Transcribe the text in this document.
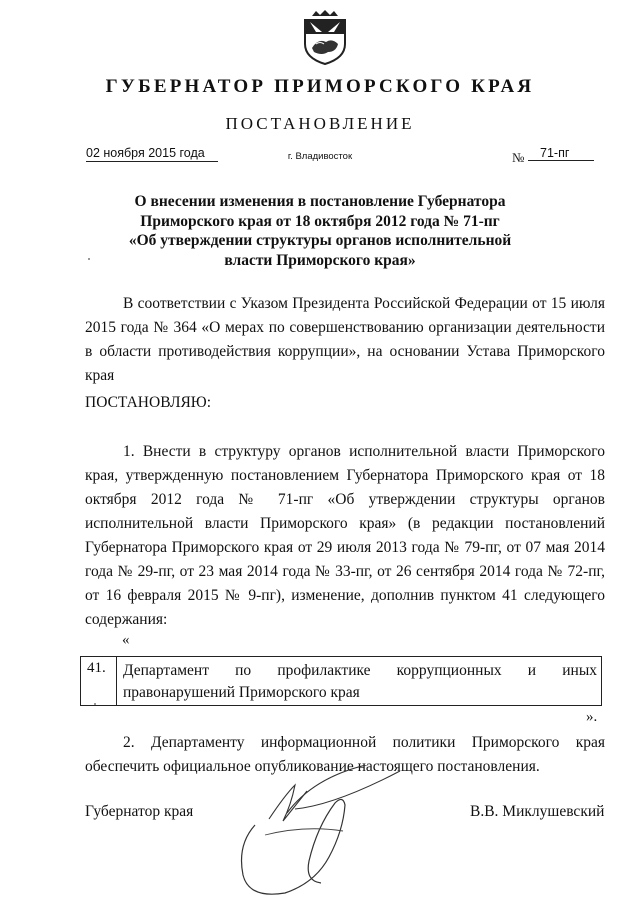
ГУБЕРНАТОР ПРИМОРСКОГО КРАЯ
ПОСТАНОВЛЕНИЕ
02 ноября 2015 года	г. Владивосток	№	71-пг
О внесении изменения в постановление Губернатора
Приморского края от 18 октября 2012 года № 71-пг
«Об утверждении структуры органов исполнительной
власти Приморского края»
В соответствии с Указом Президента Российской Федерации от 15 июля 2015 года № 364 «О мерах по совершенствованию организации деятельности в области противодействия коррупции», на основании Устава Приморского края
ПОСТАНОВЛЯЮ:
1. Внести в структуру органов исполнительной власти Приморского края, утвержденную постановлением Губернатора Приморского края от 18 октября 2012 года № 71-пг «Об утверждении структуры органов исполнительной власти Приморского края» (в редакции постановлений Губернатора Приморского края от 29 июля 2013 года № 79-пг, от 07 мая 2014 года № 29-пг, от 23 мая 2014 года № 33-пг, от 26 сентября 2014 года № 72-пг, от 16 февраля 2015 № 9-пг), изменение, дополнив пунктом 41 следующего содержания:
«
41.	Департамент по профилактике коррупционных и иных правонарушений Приморского края
».
2. Департаменту информационной политики Приморского края обеспечить официальное опубликование настоящего постановления.
Губернатор края	В.В. Миклушевский
